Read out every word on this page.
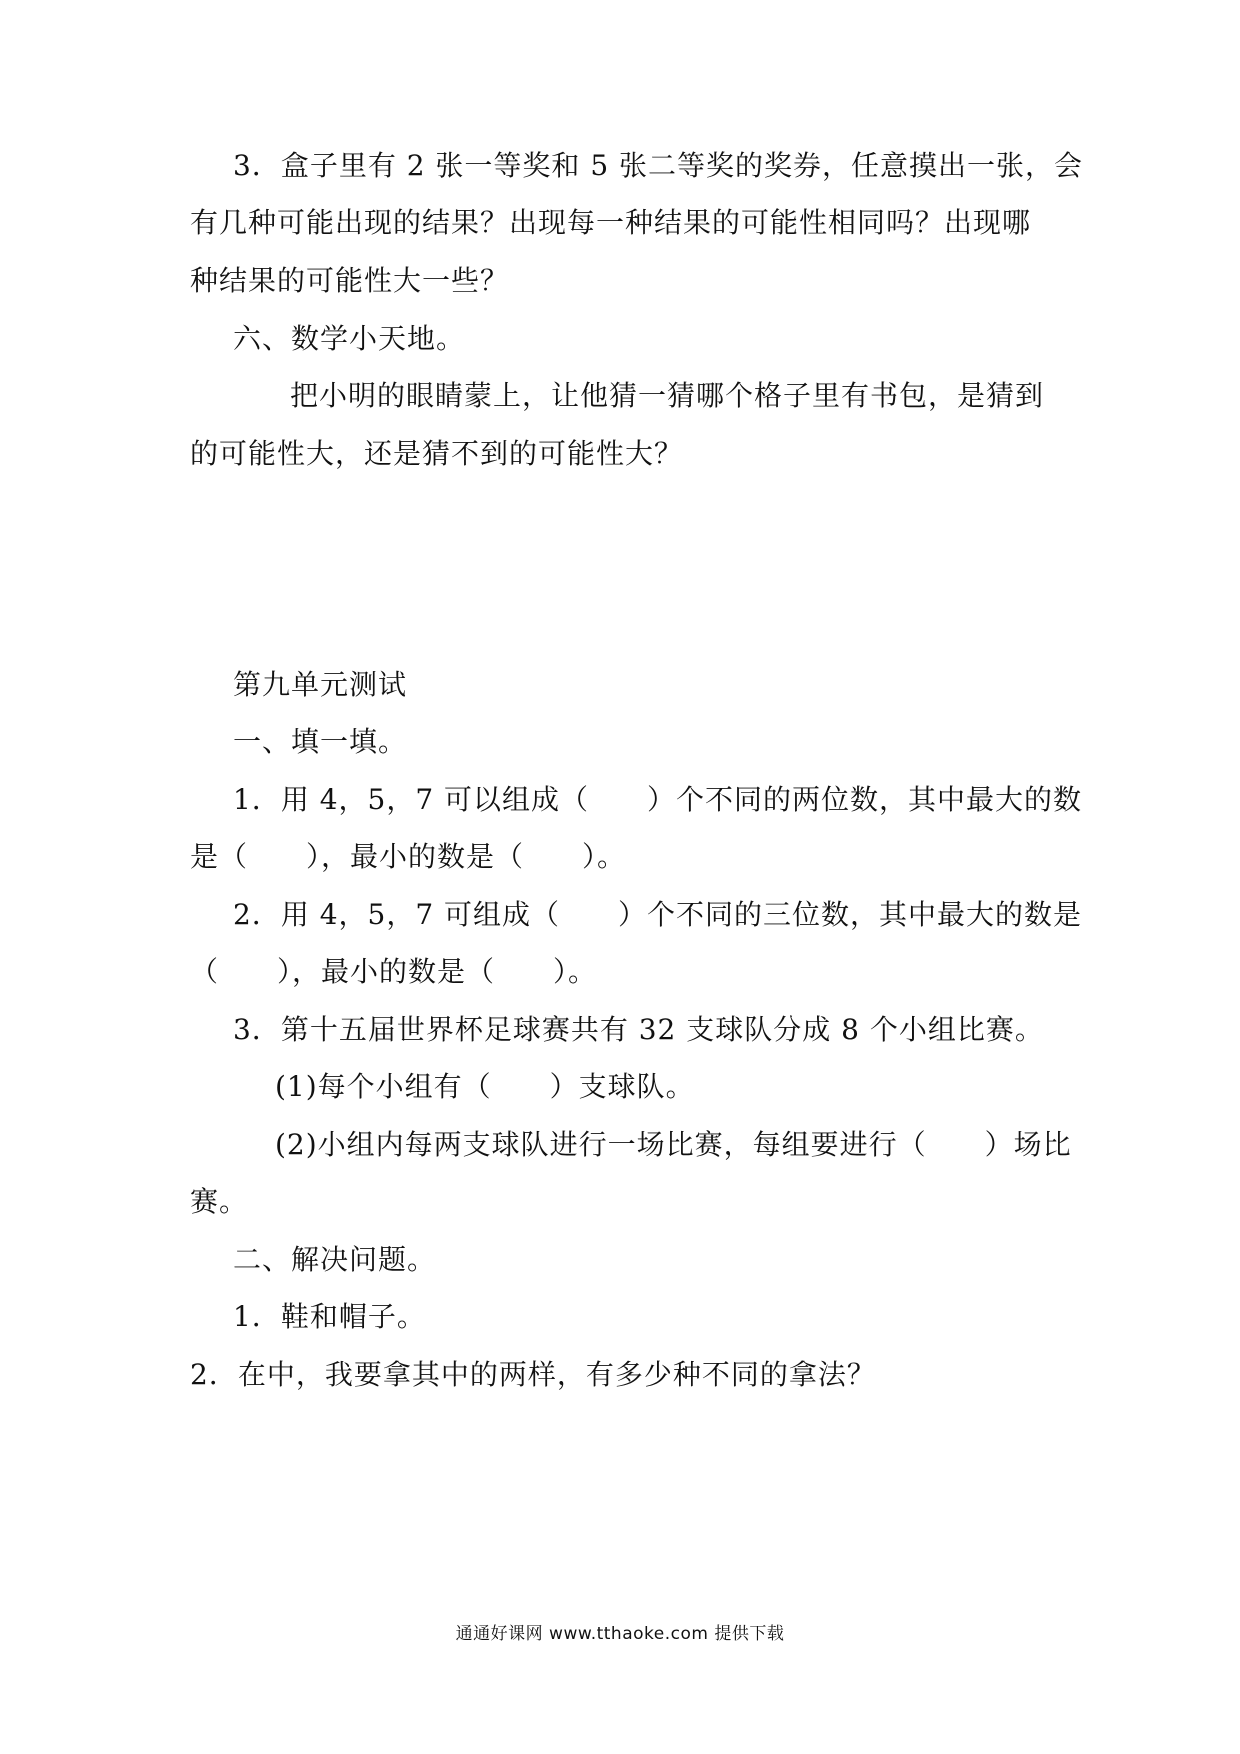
3．盒子里有 2 张一等奖和 5 张二等奖的奖券，任意摸出一张，会
有几种可能出现的结果？出现每一种结果的可能性相同吗？出现哪
种结果的可能性大一些？
六、数学小天地。
把小明的眼睛蒙上，让他猜一猜哪个格子里有书包，是猜到
的可能性大，还是猜不到的可能性大？
第九单元测试
一、填一填。
1．用 4，5，7 可以组成（　　）个不同的两位数，其中最大的数
是（　　），最小的数是（　　）。
2．用 4，5，7 可组成（　　）个不同的三位数，其中最大的数是
（　　），最小的数是（　　）。
3．第十五届世界杯足球赛共有 32 支球队分成 8 个小组比赛。
(1)每个小组有（　　）支球队。
(2)小组内每两支球队进行一场比赛，每组要进行（　　）场比
赛。
二、解决问题。
1．鞋和帽子。
2．在中，我要拿其中的两样，有多少种不同的拿法？
通通好课网 www.tthaoke.com 提供下载
